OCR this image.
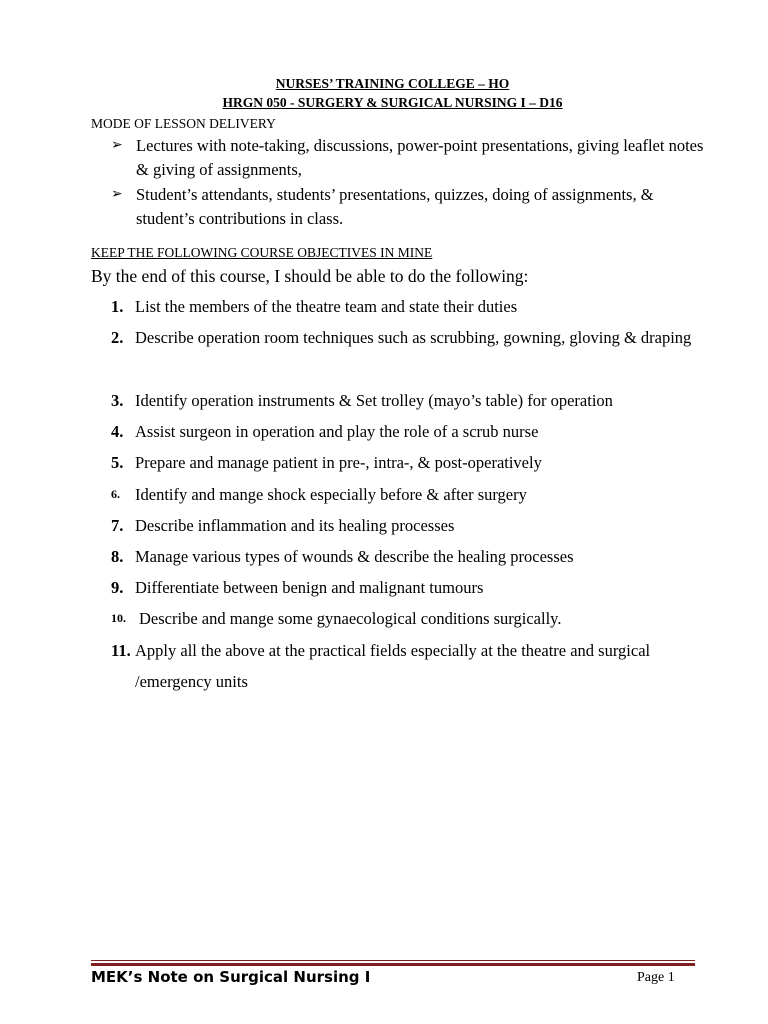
NURSES’ TRAINING COLLEGE – HO
HRGN 050 - SURGERY & SURGICAL NURSING I – D16
MODE OF LESSON DELIVERY
➢ Lectures with note-taking, discussions, power-point presentations, giving leaflet notes & giving of assignments,
➢ Student’s attendants, students’ presentations, quizzes, doing of assignments, & student’s contributions in class.
KEEP THE FOLLOWING COURSE OBJECTIVES IN MINE
By the end of this course, I should be able to do the following:
1. List the members of the theatre team and state their duties
2. Describe operation room techniques such as scrubbing, gowning, gloving & draping
3. Identify operation instruments & Set trolley (mayo’s table) for operation
4. Assist surgeon in operation and play the role of a scrub nurse
5. Prepare and manage patient in pre-, intra-, & post-operatively
6. Identify and mange shock especially before & after surgery
7. Describe inflammation and its healing processes
8. Manage various types of wounds & describe the healing processes
9. Differentiate between benign and malignant tumours
10. Describe and mange some gynaecological conditions surgically.
11. Apply all the above at the practical fields especially at the theatre and surgical /emergency units
MEK’s Note on Surgical Nursing I	Page 1
